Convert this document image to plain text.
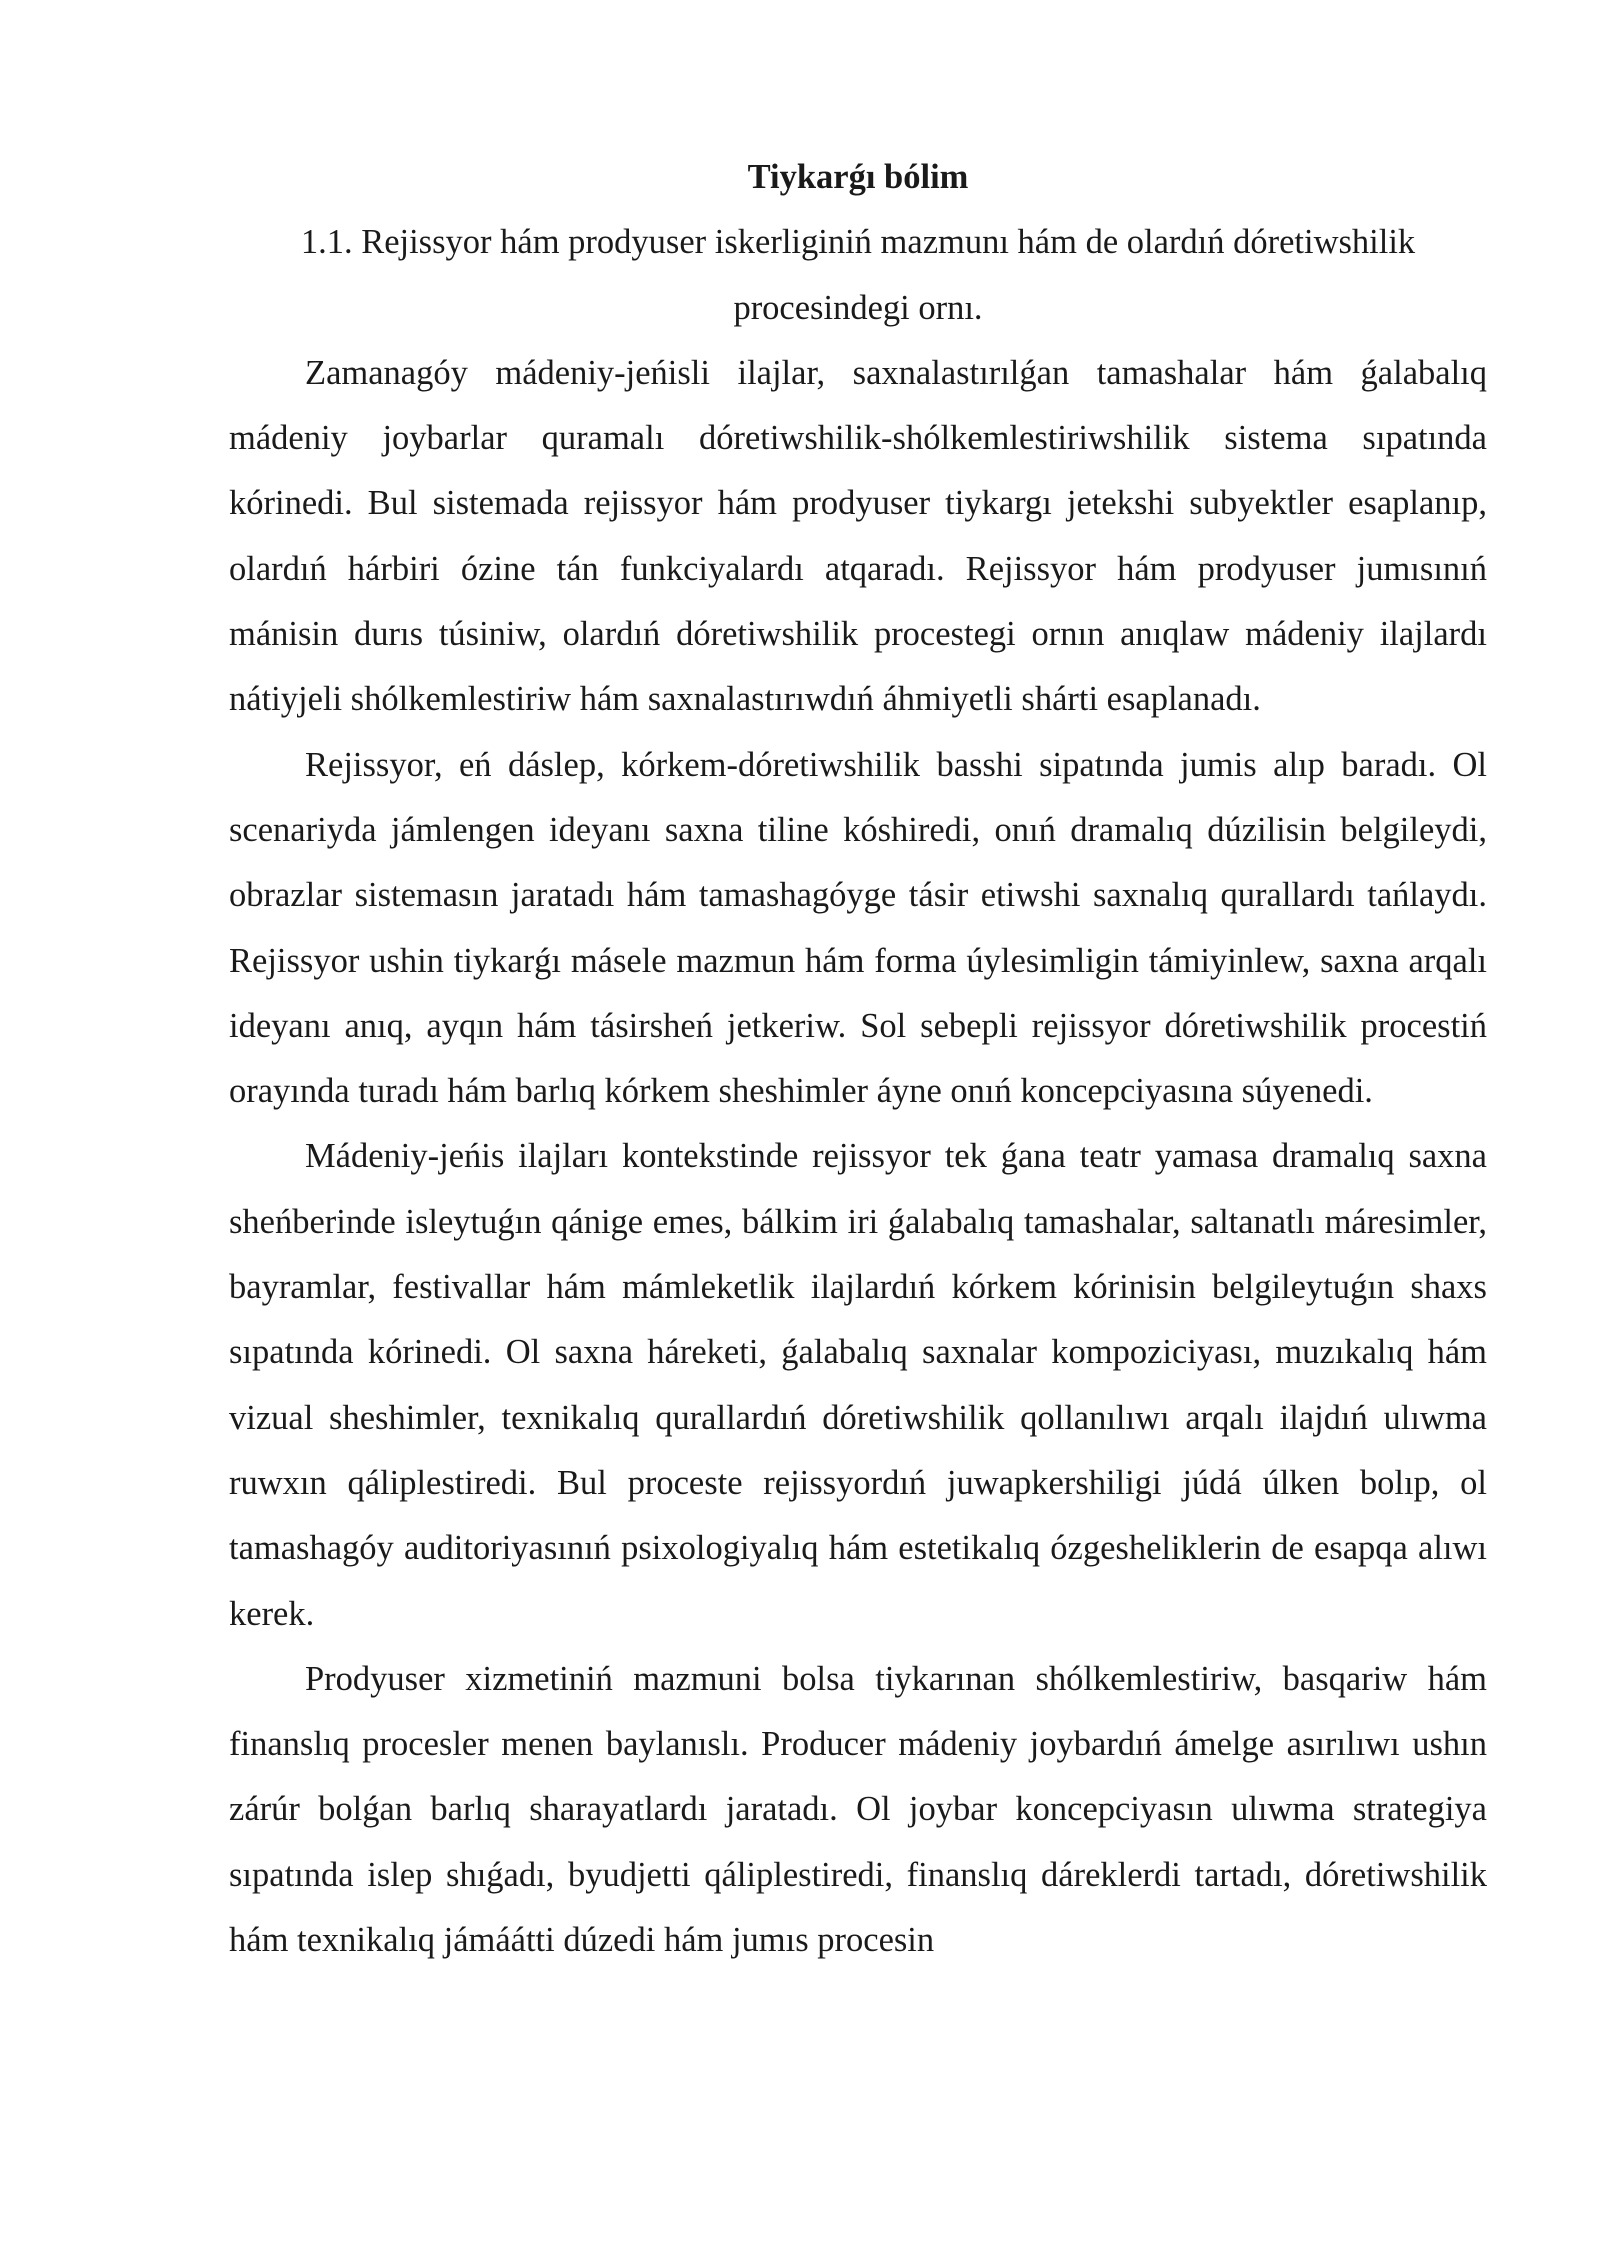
Tiykarǵı bólim

1.1. Rejissyor hám prodyuser iskerliginiń mazmunı hám de olardıń dóretiwshilik procesindegi ornı.

Zamanagóy mádeniy-jeńisli ilajlar, saxnalastırılǵan tamashalar hám ǵalabalıq mádeniy joybarlar quramalı dóretiwshilik-shólkemlestiriwshilik sistema sıpatında kórinedi. Bul sistemada rejissyor hám prodyuser tiykargı jetekshi subyektler esaplanıp, olardıń hárbiri ózine tán funkciyalardı atqaradı. Rejissyor hám prodyuser jumısınıń mánisin durıs túsiniw, olardıń dóretiwshilik procestegi ornın anıqlaw mádeniy ilajlardı nátiyjeli shólkemlestiriw hám saxnalastırıwdıń áhmiyetli shárti esaplanadı.

Rejissyor, eń dáslep, kórkem-dóretiwshilik basshi sipatında jumis alıp baradı. Ol scenariyda jámlengen ideyanı saxna tiline kóshiredi, onıń dramalıq dúzilisin belgileydi, obrazlar sistemasın jaratadı hám tamashagóyge tásir etiwshi saxnalıq qurallardı tańlaydı. Rejissyor ushin tiykarǵı másele mazmun hám forma úylesimligin támiyinlew, saxna arqalı ideyanı anıq, ayqın hám tásirsheń jetkeriw. Sol sebepli rejissyor dóretiwshilik procestiń orayında turadı hám barlıq kórkem sheshimler áyne onıń koncepciyasına súyenedi.

Mádeniy-jeńis ilajları kontekstinde rejissyor tek ǵana teatr yamasa dramalıq saxna sheńberinde isleytuǵın qánige emes, bálkim iri ǵalabalıq tamashalar, saltanatlı máresimler, bayramlar, festivallar hám mámleketlik ilajlardıń kórkem kórinisin belgileytuǵın shaxs sıpatında kórinedi. Ol saxna háreketi, ǵalabalıq saxnalar kompoziciyası, muzıkalıq hám vizual sheshimler, texnikalıq qurallardıń dóretiwshilik qollanılıwı arqalı ilajdıń ulıwma ruwxın qáliplestiredi. Bul proceste rejissyordıń juwapkershiligi júdá úlken bolıp, ol tamashagóy auditoriyasınıń psixologiyalıq hám estetikalıq ózgesheliklerin de esapqa alıwı kerek.

Prodyuser xizmetiniń mazmuni bolsa tiykarınan shólkemlestiriw, basqariw hám finanslıq procesler menen baylanıslı. Producer mádeniy joybardıń ámelge asırılıwı ushın zárúr bolǵan barlıq sharayatlardı jaratadı. Ol joybar koncepciyasın ulıwma strategiya sıpatında islep shıǵadı, byudjetti qáliplestiredi, finanslıq dáreklerdi tartadı, dóretiwshilik hám texnikalıq jámáátti dúzedi hám jumıs procesin
